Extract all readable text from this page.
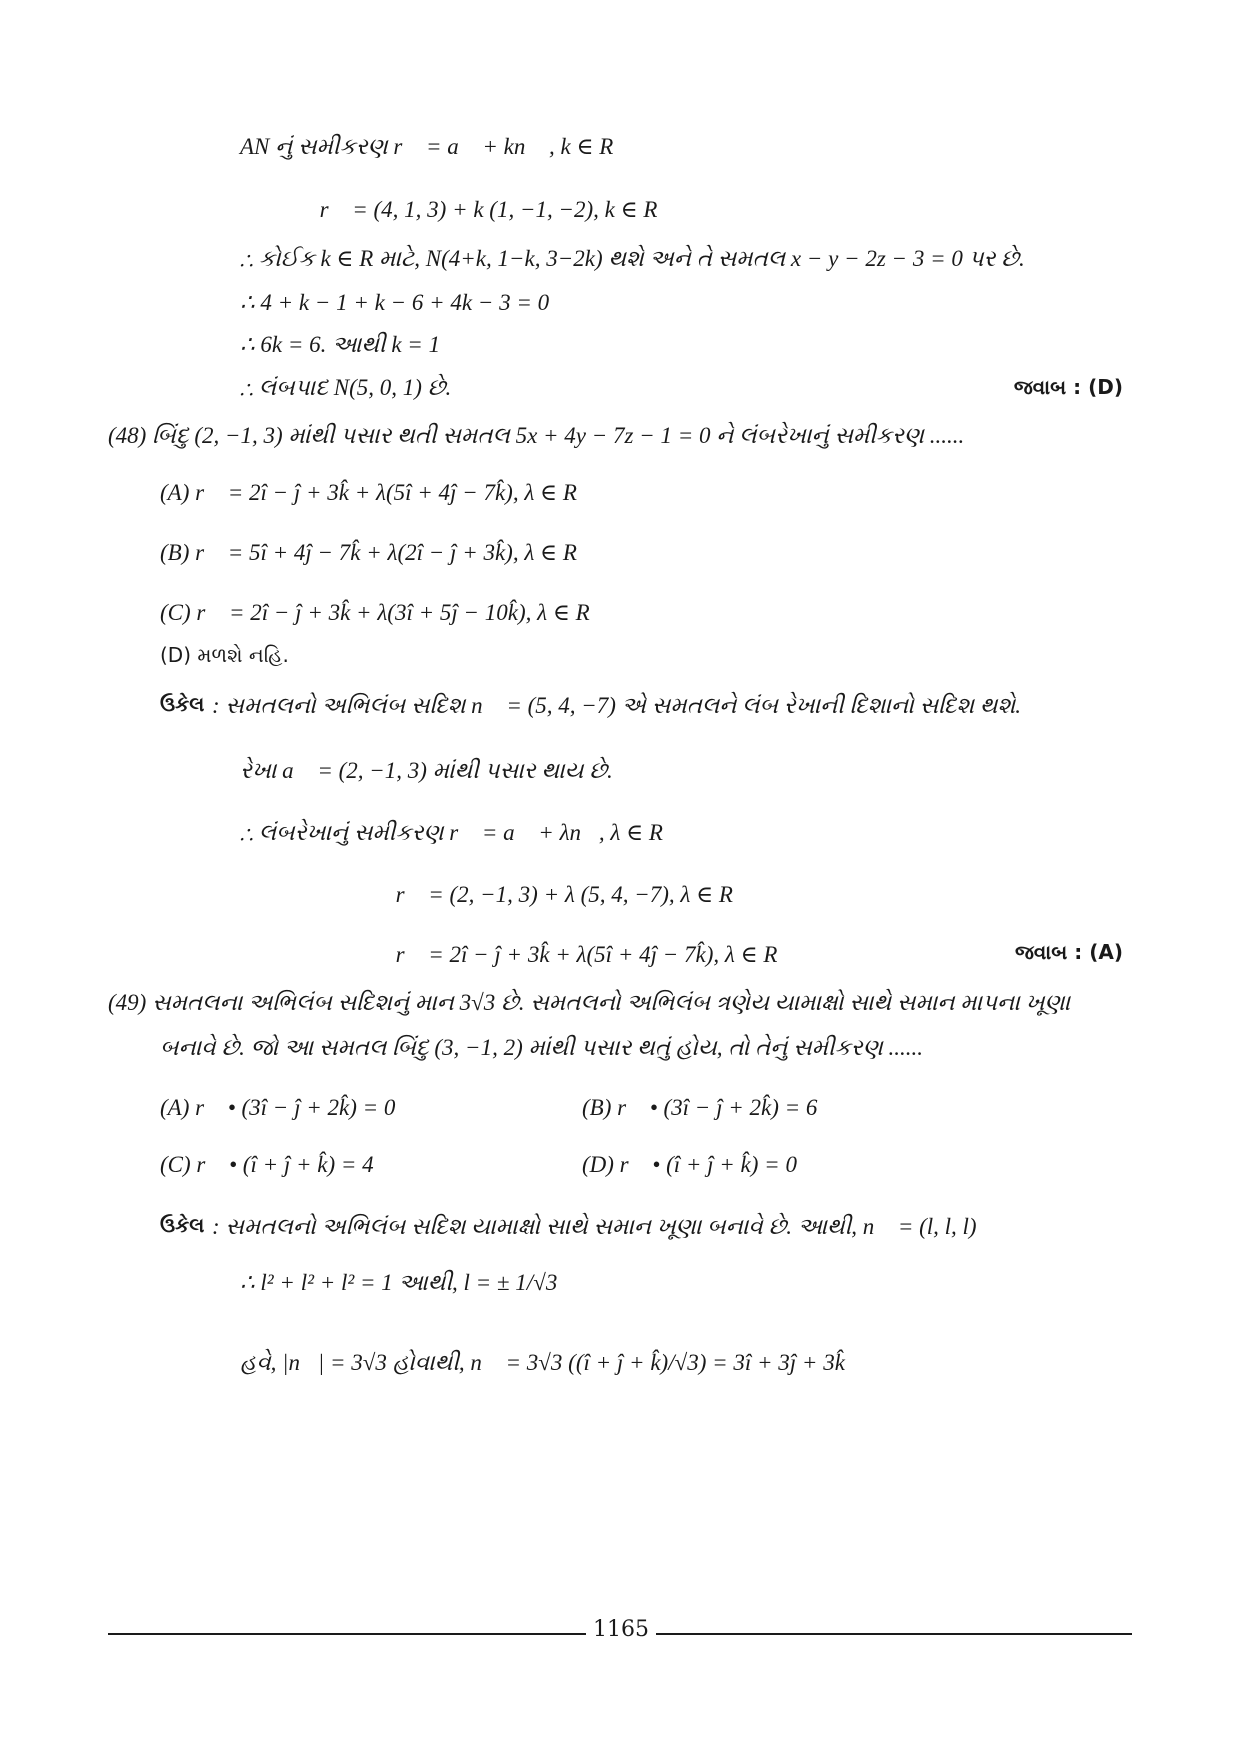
AN નું સમીકરણ r⃗ = a⃗ + kn⃗ , k ∈ R
∴ r⃗ = (4, 1, 3) + k (1, −1, −2), k ∈ R
∴ કોઈક k ∈ R માટે, N(4+k, 1−k, 3−2k) થશે અને તે સમતલ x − y − 2z − 3 = 0 પર છે.
∴ 4 + k − 1 + k − 6 + 4k − 3 = 0
∴ 6k = 6. આથી k = 1
∴ લંબપાદ N(5, 0, 1) છે.	જવાબ : (D)
(48) બિંદુ (2, −1, 3) માંથી પસાર થતી સમતલ 5x + 4y − 7z − 1 = 0 ને લંબરેખાનું સમીકરણ ......
(A) r⃗ = 2î − ĵ + 3k̂ + λ(5î + 4ĵ − 7k̂), λ ∈ R
(B) r⃗ = 5î + 4ĵ − 7k̂ + λ(2î − ĵ + 3k̂), λ ∈ R
(C) r⃗ = 2î − ĵ + 3k̂ + λ(3î + 5ĵ − 10k̂), λ ∈ R
(D) મળશે નહિ.
ઉકેલ : સમતલનો અભિલંબ સદિશ n⃗ = (5, 4, −7) એ સમતલને લંબ રેખાની દિશાનો સદિશ થશે.
રેખા a⃗ = (2, −1, 3) માંથી પસાર થાય છે.
∴ લંબરેખાનું સમીકરણ r⃗ = a⃗ + λn⃗, λ ∈ R
∴ r⃗ = (2, −1, 3) + λ (5, 4, −7), λ ∈ R
∴ r⃗ = 2î − ĵ + 3k̂ + λ(5î + 4ĵ − 7k̂), λ ∈ R	જવાબ : (A)
(49) સમતલના અભિલંબ સદિશનું માન 3√3 છે. સમતલનો અભિલંબ ત્રણેય યામાક્ષો સાથે સમાન માપના ખૂણા
બનાવે છે. જો આ સમતલ બિંદુ (3, −1, 2) માંથી પસાર થતું હોય, તો તેનું સમીકરણ ......
(A) r⃗ • (3î − ĵ + 2k̂) = 0	(B) r⃗ • (3î − ĵ + 2k̂) = 6
(C) r⃗ • (î + ĵ + k̂) = 4	(D) r⃗ • (î + ĵ + k̂) = 0
ઉકેલ : સમતલનો અભિલંબ સદિશ યામાક્ષો સાથે સમાન ખૂણા બનાવે છે. આથી, n⃗ = (l, l, l)
∴ l² + l² + l² = 1 આથી, l = ± 1/√3
હવે, |n⃗| = 3√3 હોવાથી, n⃗ = 3√3 ((î + ĵ + k̂)/√3) = 3î + 3ĵ + 3k̂
1165
